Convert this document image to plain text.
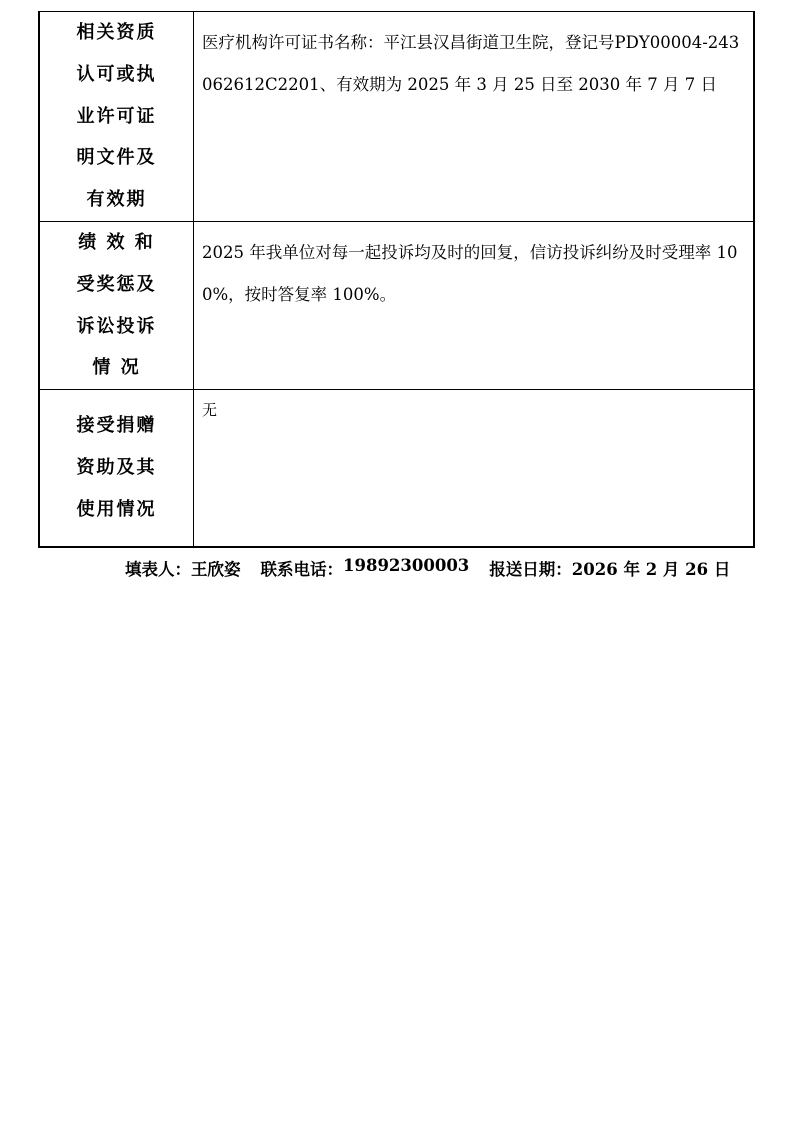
相关资质
认可或执
业许可证
明文件及
有效期

医疗机构许可证书名称：平江县汉昌街道卫生院，登记号PDY00004-243062612C2201、有效期为 2025 年 3 月 25 日至 2030 年 7 月 7 日

绩 效 和
受奖惩及
诉讼投诉
情 况

2025 年我单位对每一起投诉均及时的回复，信访投诉纠纷及时受理率 100%，按时答复率 100%。

接受捐赠
资助及其
使用情况

无

填表人： 王欣姿 联系电话： 19892300003 报送日期： 2026 年 2 月 26 日
